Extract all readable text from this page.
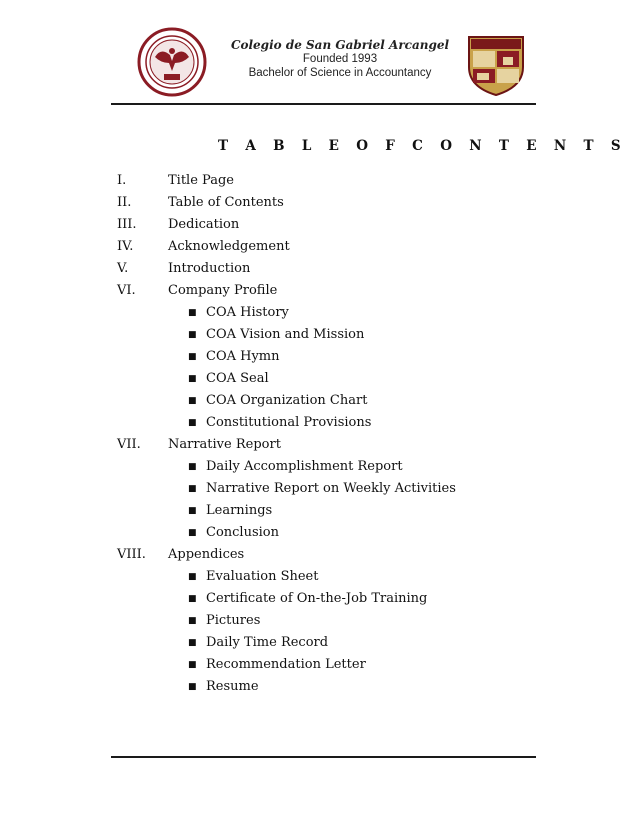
Colegio de San Gabriel Arcangel
Founded 1993
Bachelor of Science in Accountancy
T A B L E O F C O N T E N T S
I.	Title Page
II.	Table of Contents
III. Dedication
IV.	Acknowledgement
V.	Introduction
VI. Company Profile
■ COA History
■ COA Vision and Mission
■ COA Hymn
■ COA Seal
■ COA Organization Chart
■ Constitutional Provisions
VII. Narrative Report
■ Daily Accomplishment Report
■ Narrative Report on Weekly Activities
■ Learnings
■ Conclusion
VIII. Appendices
■ Evaluation Sheet
■ Certificate of On-the-Job Training
■ Pictures
■ Daily Time Record
■ Recommendation Letter
■ Resume
